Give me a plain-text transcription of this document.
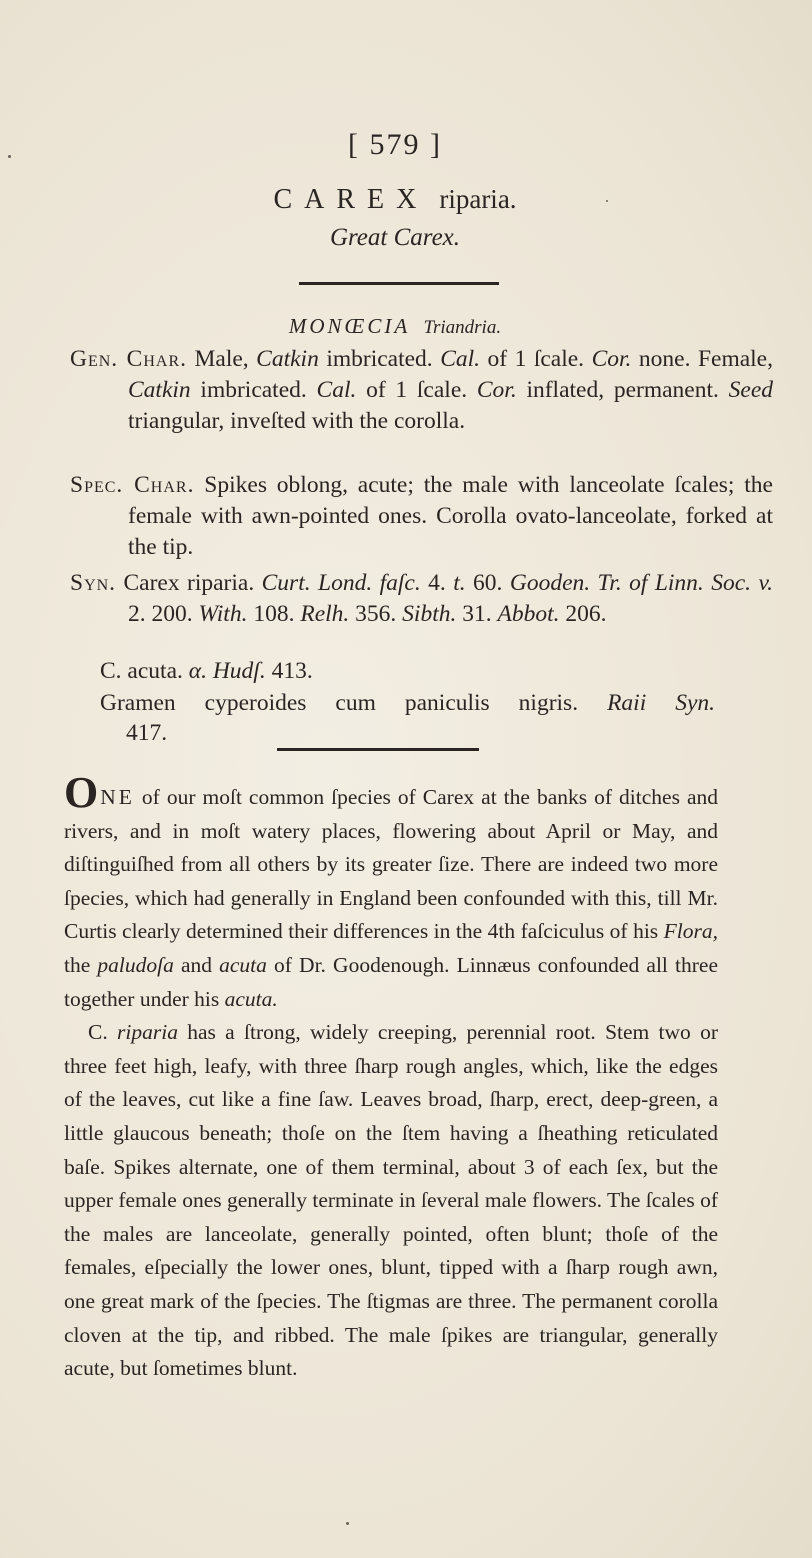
[ 579 ]
CAREX riparia.
Great Carex.
MONŒCIA Triandria.
Gen. Char. Male, Catkin imbricated. Cal. of 1 ſcale. Cor. none. Female, Catkin imbricated. Cal. of 1 ſcale. Cor. inflated, permanent. Seed triangular, inveſted with the corolla.
Spec. Char. Spikes oblong, acute; the male with lanceolate ſcales; the female with awn-pointed ones. Corolla ovato-lanceolate, forked at the tip.
Syn. Carex riparia. Curt. Lond. faſc. 4. t. 60. Gooden. Tr. of Linn. Soc. v. 2. 200. With. 108. Relh. 356. Sibth. 31. Abbot. 206.
C. acuta. α. Hudſ. 413.
Gramen cyperoides cum paniculis nigris. Raii Syn.
417.

ONE of our moſt common ſpecies of Carex at the banks of ditches and rivers, and in moſt watery places, flowering about April or May, and diſtinguiſhed from all others by its greater ſize. There are indeed two more ſpecies, which had generally in England been confounded with this, till Mr. Curtis clearly determined their differences in the 4th faſciculus of his Flora, the paludoſa and acuta of Dr. Goodenough. Linnæus confounded all three together under his acuta.

C. riparia has a ſtrong, widely creeping, perennial root. Stem two or three feet high, leafy, with three ſharp rough angles, which, like the edges of the leaves, cut like a fine ſaw. Leaves broad, ſharp, erect, deep-green, a little glaucous beneath; thoſe on the ſtem having a ſheathing reticulated baſe. Spikes alternate, one of them terminal, about 3 of each ſex, but the upper female ones generally terminate in ſeveral male flowers. The ſcales of the males are lanceolate, generally pointed, often blunt; thoſe of the females, eſpecially the lower ones, blunt, tipped with a ſharp rough awn, one great mark of the ſpecies. The ſtigmas are three. The permanent corolla cloven at the tip, and ribbed. The male ſpikes are triangular, generally acute, but ſometimes blunt.
